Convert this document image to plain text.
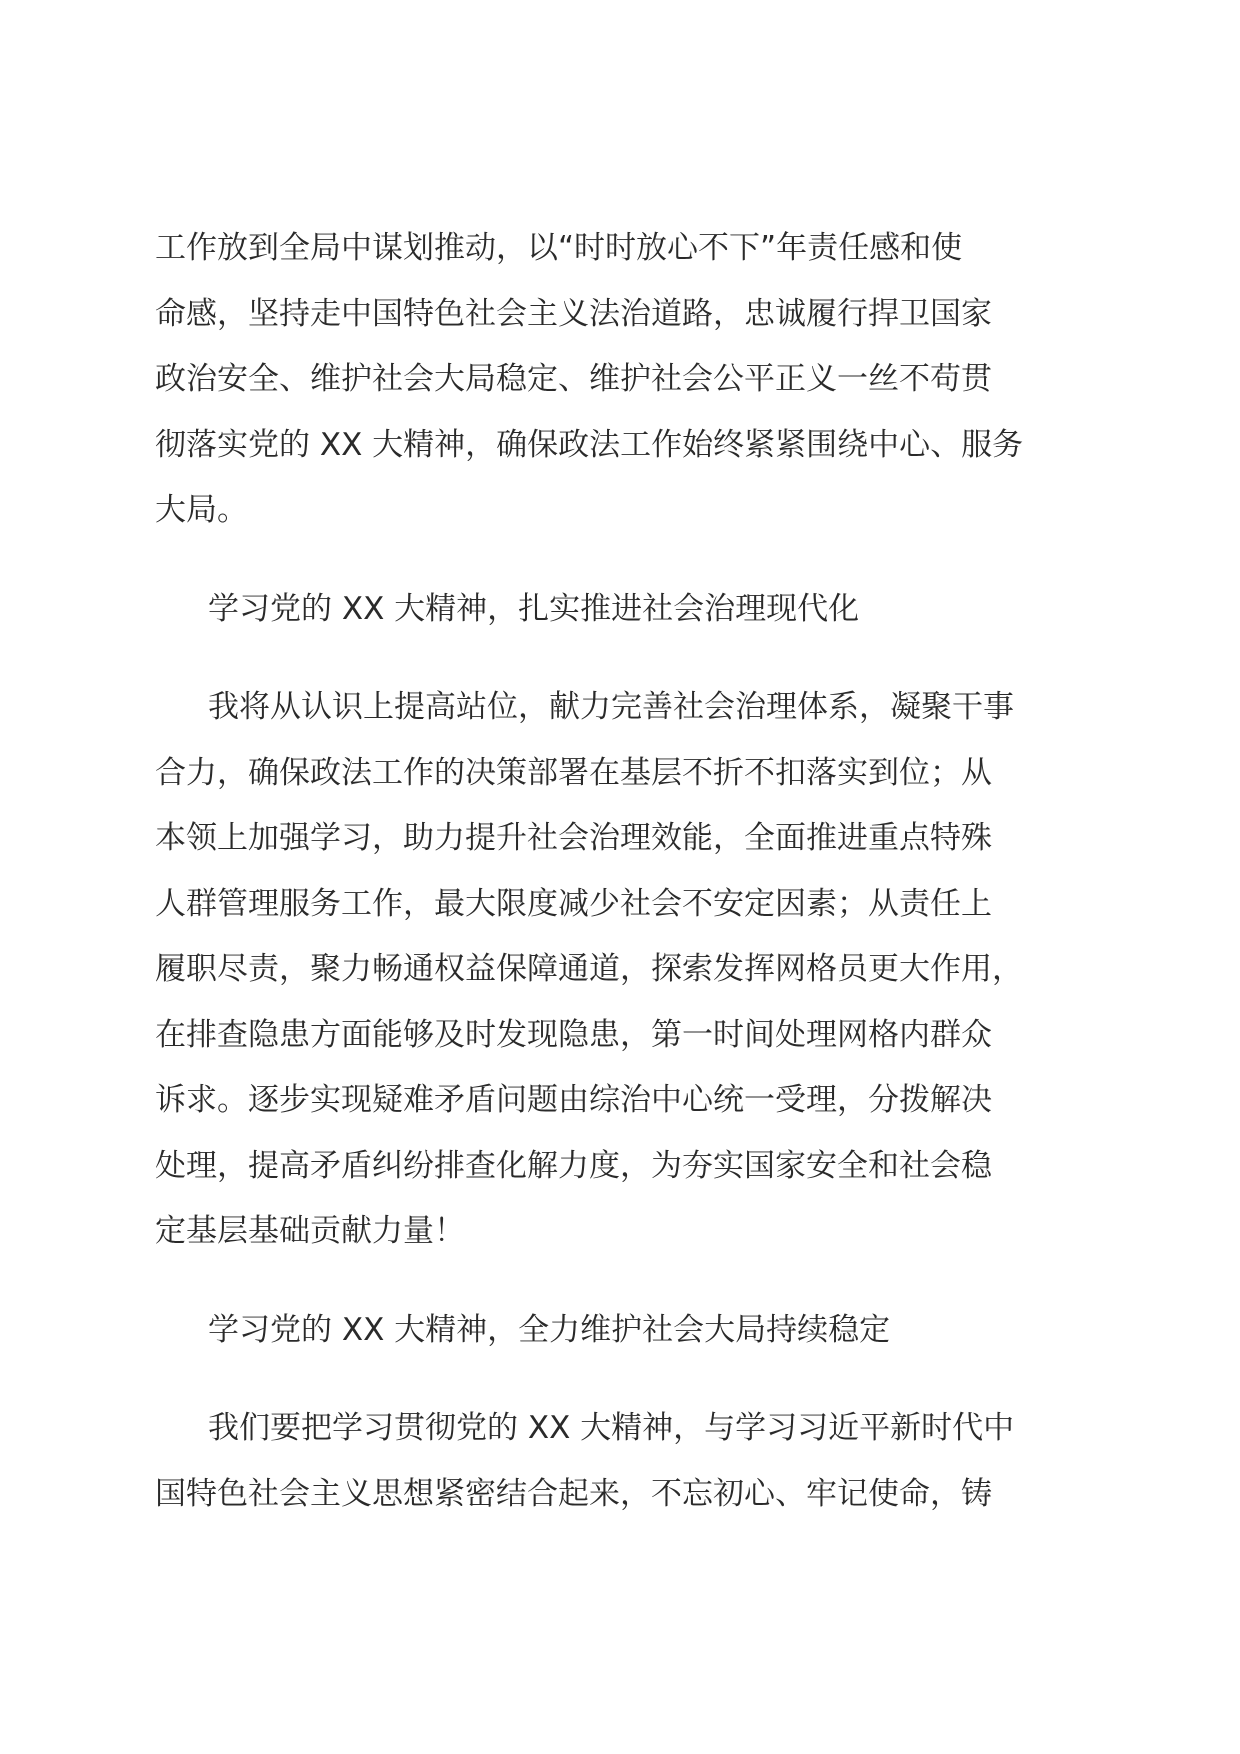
工作放到全局中谋划推动，以“时时放心不下”年责任感和使
命感，坚持走中国特色社会主义法治道路，忠诚履行捍卫国家
政治安全、维护社会大局稳定、维护社会公平正义一丝不苟贯
彻落实党的 XX 大精神，确保政法工作始终紧紧围绕中心、服务
大局。
学习党的 XX 大精神，扎实推进社会治理现代化
我将从认识上提高站位，献力完善社会治理体系，凝聚干事
合力，确保政法工作的决策部署在基层不折不扣落实到位；从
本领上加强学习，助力提升社会治理效能，全面推进重点特殊
人群管理服务工作，最大限度减少社会不安定因素；从责任上
履职尽责，聚力畅通权益保障通道，探索发挥网格员更大作用，
在排查隐患方面能够及时发现隐患，第一时间处理网格内群众
诉求。逐步实现疑难矛盾问题由综治中心统一受理，分拨解决
处理，提高矛盾纠纷排查化解力度，为夯实国家安全和社会稳
定基层基础贡献力量！
学习党的 XX 大精神，全力维护社会大局持续稳定
我们要把学习贯彻党的 XX 大精神，与学习习近平新时代中
国特色社会主义思想紧密结合起来，不忘初心、牢记使命，铸
